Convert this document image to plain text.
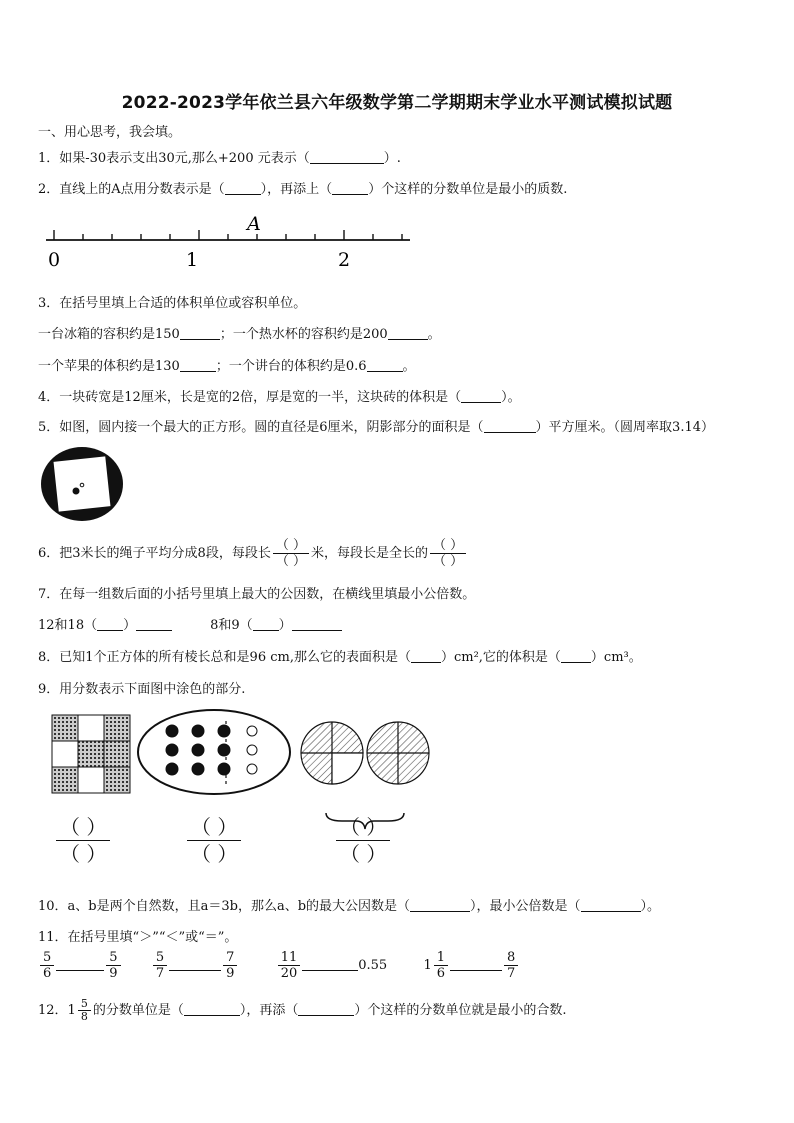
2022-2023学年依兰县六年级数学第二学期期末学业水平测试模拟试题
一、用心思考，我会填。
1．如果-30表示支出30元,那么+200 元表示（	）.
2．直线上的A点用分数表示是（	），再添上（	）个这样的分数单位是最小的质数.
0	1	2
A
3．在括号里填上合适的体积单位或容积单位。
一台冰箱的容积约是150	；一个热水杯的容积约是200	。
一个苹果的体积约是130	；一个讲台的体积约是0.6	。
4．一块砖宽是12厘米，长是宽的2倍，厚是宽的一半，这块砖的体积是（	）。
5．如图，圆内接一个最大的正方形。圆的直径是6厘米，阴影部分的面积是（	）平方厘米。（圆周率取3.14）
6．把3米长的绳子平均分成8段，每段长 $\frac{( )}{( )}$ 米，每段长是全长的 $\frac{( )}{( )}$
7．在每一组数后面的小括号里填上最大的公因数，在横线里填最小公倍数。
12和18（ ）	8和9（ ）
8．已知1个正方体的所有棱长总和是96 cm,那么它的表面积是（ ）cm²,它的体积是（ ）cm³。
9．用分数表示下面图中涂色的部分.
（ ）
（ ）
（ ）
（ ）
（ ）
（ ）
10．a、b是两个自然数，且a＝3b，那么a、b的最大公因数是（	），最小公倍数是（	）。
11．在括号里填“＞”“＜”或“＝”。
$\frac{5}{6}$	$\frac{5}{9}$
$\frac{5}{7}$	$\frac{7}{9}$
	$\frac{11}{20}$	0.55	$1 \frac{1}{6}$	$\frac{8}{7}$
12．$1 \frac{5}{8}$ 的分数单位是（	），再添（	）个这样的分数单位就是最小的合数.
